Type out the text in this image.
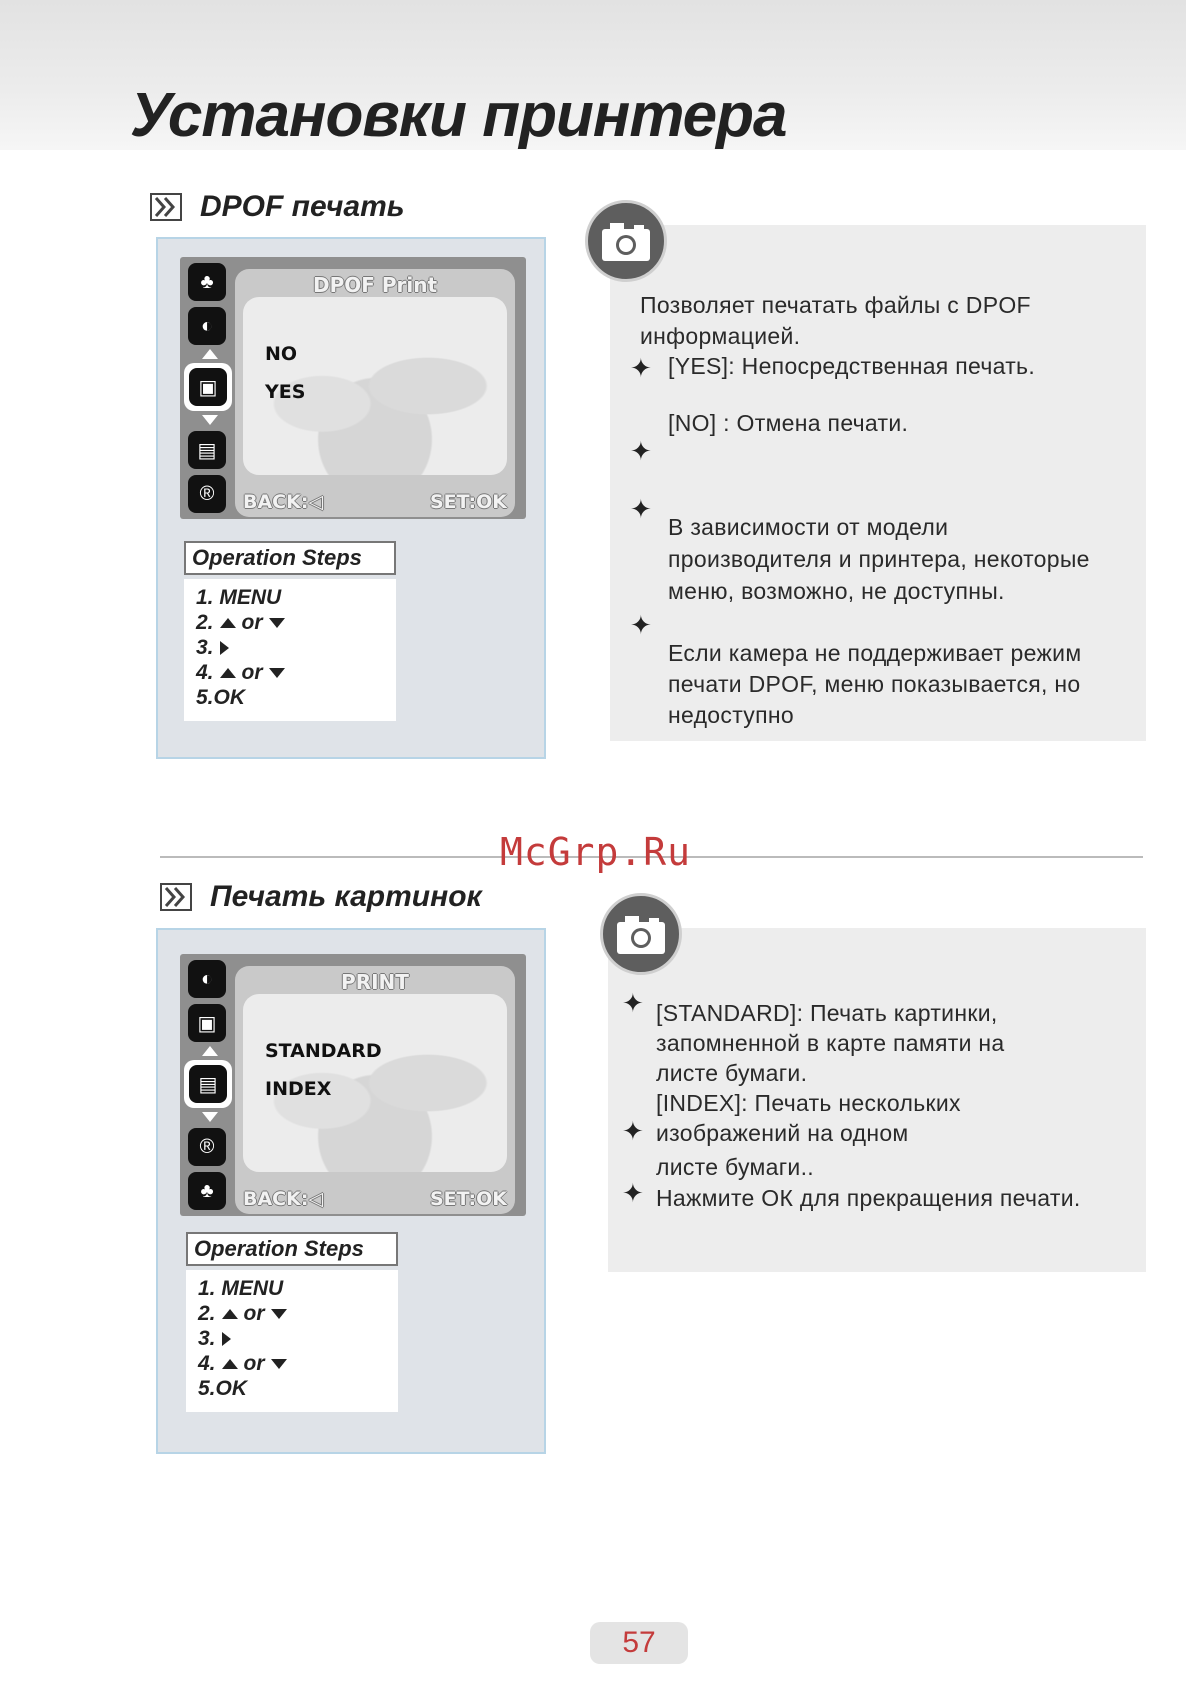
Установки принтера
DPOF печать
♣
◐
▣
▤
®
DPOF Print
NO
YES
BACK:◁	SET:OK
Operation Steps
1. MENU
2. or
3.
4. or
5.OK
Позволяет печатать файлы с DPOF
информацией.
✦ [YES]: Непосредственная печать.
[NO] : Отмена печати.
✦
✦
В зависимости от модели
производителя и принтера, некоторые
меню, возможно, не доступны.
✦
Если камера не поддерживает режим
печати DPOF, меню показывается, но
недоступно
McGrp.Ru
Печать картинок
◐
▣
▤
®
♣
PRINT
STANDARD
INDEX
BACK:◁	SET:OK
Operation Steps
1. MENU
2. or
3.
4. or
5.OK
✦ [STANDARD]: Печать картинки,
запомненной в карте памяти на
листе бумаги.
[INDEX]: Печать нескольких
✦ изображений на одном
листе бумаги..
✦ Нажмите ОК для прекращения печати.
57
